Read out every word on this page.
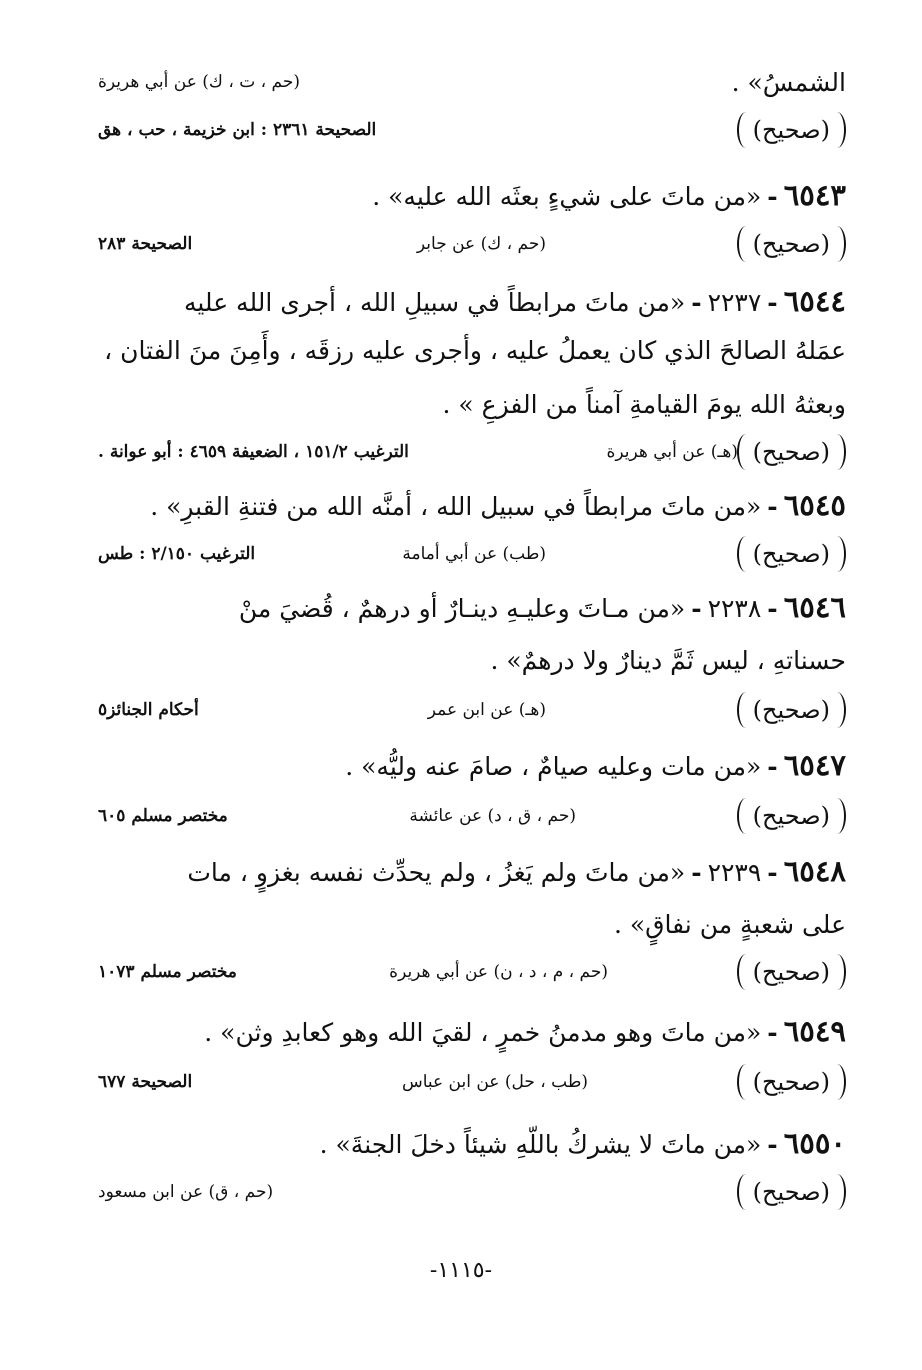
الشمسُ» .
(حم ، ت ، ك) عن أبي هريرة
(صحيح)
الصحيحة ٢٣٦١ : ابن خزيمة ، حب ، هق
٦٥٤٣-«من ماتَ على شيءٍ بعثَه الله عليه» .
(صحيح)
(حم ، ك) عن جابر
الصحيحة ٢٨٣
٦٥٤٤-٢٢٣٧-«من ماتَ مرابطاً في سبيلِ الله ، أجرى الله عليه
عمَلهُ الصالحَ الذي كان يعملُ عليه ، وأجرى عليه رزقَه ، وأَمِنَ منَ الفتان ،
وبعثهُ الله يومَ القيامةِ آمناً من الفزعِ » .
(صحيح)
(هـ) عن أبي هريرة
الترغيب ١٥١/٢ ، الضعيفة ٤٦٥٩ : أبو عوانة .
٦٥٤٥-«من ماتَ مرابطاً في سبيل الله ، أمنَّه الله من فتنةِ القبرِ» .
(صحيح)
(طب) عن أبي أمامة
الترغيب ٢/١٥٠ : طس
٦٥٤٦-٢٢٣٨-«من مـاتَ وعليـهِ دينـارٌ أو درهمٌ ، قُضيَ منْ
حسناتهِ ، ليس ثَمَّ دينارٌ ولا درهمٌ» .
(صحيح)
(هـ) عن ابن عمر
أحكام الجنائز٥
٦٥٤٧-«من مات وعليه صيامٌ ، صامَ عنه وليُّه» .
(صحيح)
(حم ، ق ، د) عن عائشة
مختصر مسلم ٦٠٥
٦٥٤٨-٢٢٣٩-«من ماتَ ولم يَغزُ ، ولم يحدِّث نفسه بغزوٍ ، مات
على شعبةٍ من نفاقٍ» .
(صحيح)
(حم ، م ، د ، ن) عن أبي هريرة
مختصر مسلم ١٠٧٣
٦٥٤٩-«من ماتَ وهو مدمنُ خمرٍ ، لقيَ الله وهو كعابدِ وثن» .
(صحيح)
(طب ، حل) عن ابن عباس
الصحيحة ٦٧٧
٦٥٥٠-«من ماتَ لا يشركُ باللّهِ شيئاً دخلَ الجنةَ» .
(صحيح)
(حم ، ق) عن ابن مسعود
-١١١٥-
